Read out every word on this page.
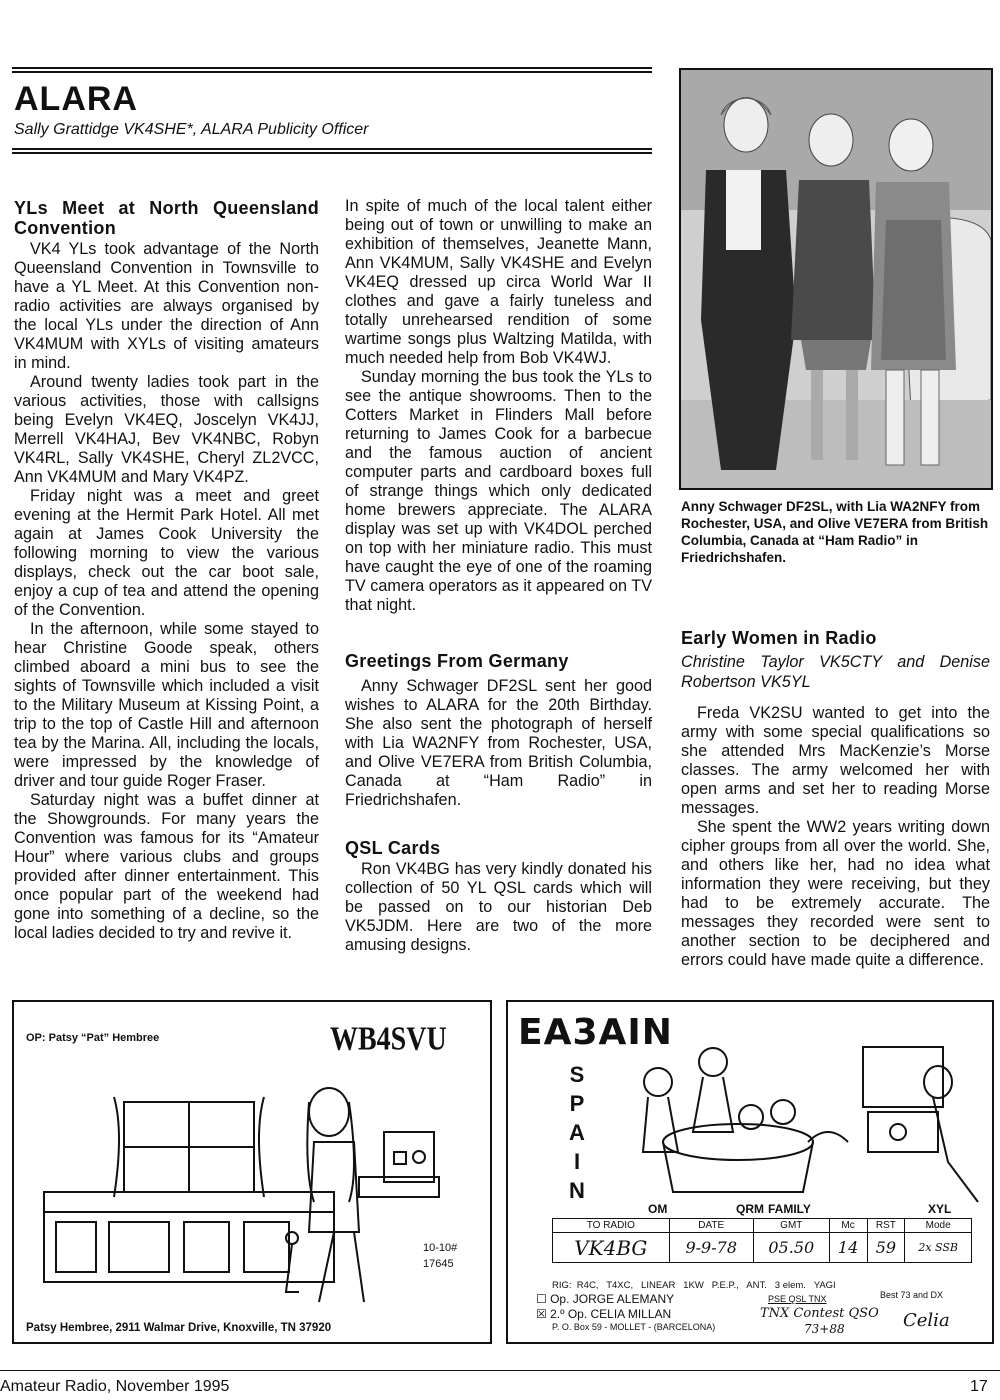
ALARA
Sally Grattidge VK4SHE*, ALARA Publicity Officer
YLs Meet at North Queensland Convention

VK4 YLs took advantage of the North Queensland Convention in Townsville to have a YL Meet. At this Convention non-radio activities are always organised by the local YLs under the direction of Ann VK4MUM with XYLs of visiting amateurs in mind.

Around twenty ladies took part in the various activities, those with callsigns being Evelyn VK4EQ, Joscelyn VK4JJ, Merrell VK4HAJ, Bev VK4NBC, Robyn VK4RL, Sally VK4SHE, Cheryl ZL2VCC, Ann VK4MUM and Mary VK4PZ.

Friday night was a meet and greet evening at the Hermit Park Hotel. All met again at James Cook University the following morning to view the various displays, check out the car boot sale, enjoy a cup of tea and attend the opening of the Convention.

In the afternoon, while some stayed to hear Christine Goode speak, others climbed aboard a mini bus to see the sights of Townsville which included a visit to the Military Museum at Kissing Point, a trip to the top of Castle Hill and afternoon tea by the Marina. All, including the locals, were impressed by the knowledge of driver and tour guide Roger Fraser.

Saturday night was a buffet dinner at the Showgrounds. For many years the Convention was famous for its “Amateur Hour” where various clubs and groups provided after dinner entertainment. This once popular part of the weekend had gone into something of a decline, so the local ladies decided to try and revive it.

In spite of much of the local talent either being out of town or unwilling to make an exhibition of themselves, Jeanette Mann, Ann VK4MUM, Sally VK4SHE and Evelyn VK4EQ dressed up circa World War II clothes and gave a fairly tuneless and totally unrehearsed rendition of some wartime songs plus Waltzing Matilda, with much needed help from Bob VK4WJ.

Sunday morning the bus took the YLs to see the antique showrooms. Then to the Cotters Market in Flinders Mall before returning to James Cook for a barbecue and the famous auction of ancient computer parts and cardboard boxes full of strange things which only dedicated home brewers appreciate. The ALARA display was set up with VK4DOL perched on top with her miniature radio. This must have caught the eye of one of the roaming TV camera operators as it appeared on TV that night.

Greetings From Germany

Anny Schwager DF2SL sent her good wishes to ALARA for the 20th Birthday. She also sent the photograph of herself with Lia WA2NFY from Rochester, USA, and Olive VE7ERA from British Columbia, Canada at “Ham Radio” in Friedrichshafen.

QSL Cards

Ron VK4BG has very kindly donated his collection of 50 YL QSL cards which will be passed on to our historian Deb VK5JDM. Here are two of the more amusing designs.

Anny Schwager DF2SL, with Lia WA2NFY from Rochester, USA, and Olive VE7ERA from British Columbia, Canada at “Ham Radio” in Friedrichshafen.
Early Women in Radio

Christine Taylor VK5CTY and Denise Robertson VK5YL

Freda VK2SU wanted to get into the army with some special qualifications so she attended Mrs MacKenzie’s Morse classes. The army welcomed her with open arms and set her to reading Morse messages.

She spent the WW2 years writing down cipher groups from all over the world. She, and others like her, had no idea what information they were receiving, but they had to be extremely accurate. The messages they recorded were sent to another section to be deciphered and errors could have made quite a difference.

OP: Patsy “Pat” Hembree	WB4SVU
10-10#
17645
Patsy Hembree, 2911 Walmar Drive, Knoxville, TN 37920
EA3AIN
S
P
A
I
N
OM	QRM FAMILY	XYL
TO RADIO	DATE	GMT	Mc	RST	Mode
VK4BG	9-9-78	05.50	14	59	2x SSB
RIG:  R4C,   T4XC,   LINEAR   1KW   P.E.P.,   ANT.   3 elem.   YAGI
☐ Op. JORGE ALEMANY
☒ 2.º Op. CELIA MILLAN
P. O. Box 59 - MOLLET - (BARCELONA)
PSE QSL TNX	Best 73 and DX
TNX Contest QSO
73+88	Celia
Amateur Radio, November 1995	17
